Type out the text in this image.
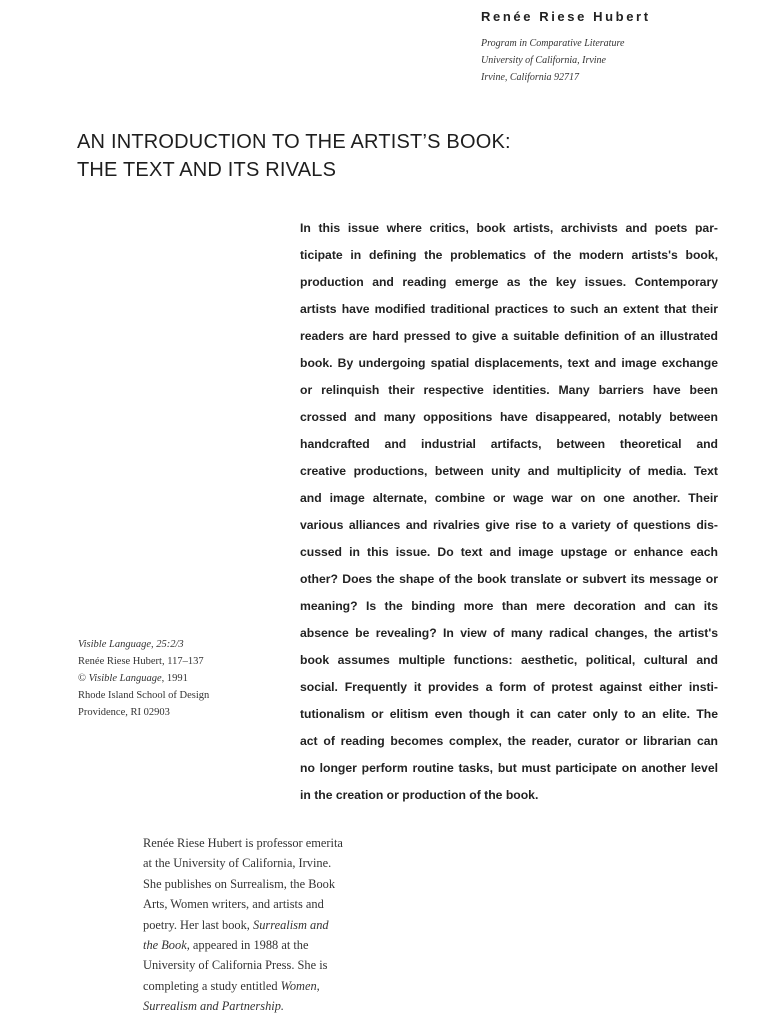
Renée Riese Hubert
Program in Comparative Literature
University of California, Irvine
Irvine, California 92717
AN INTRODUCTION TO THE ARTIST’S BOOK:
THE TEXT AND ITS RIVALS
In this issue where critics, book artists, archivists and poets par-
ticipate in defining the problematics of the modern artists's book,
production and reading emerge as the key issues. Contemporary
artists have modified traditional practices to such an extent that their
readers are hard pressed to give a suitable definition of an illustrated
book. By undergoing spatial displacements, text and image exchange
or relinquish their respective identities. Many barriers have been
crossed and many oppositions have disappeared, notably between
handcrafted and industrial artifacts, between theoretical and
creative productions, between unity and multiplicity of media. Text
and image alternate, combine or wage war on one another. Their
various alliances and rivalries give rise to a variety of questions dis-
cussed in this issue. Do text and image upstage or enhance each
other? Does the shape of the book translate or subvert its message or
meaning? Is the binding more than mere decoration and can its
absence be revealing? In view of many radical changes, the artist's
book assumes multiple functions: aesthetic, political, cultural and
social. Frequently it provides a form of protest against either insti-
tutionalism or elitism even though it can cater only to an elite. The
act of reading becomes complex, the reader, curator or librarian can
no longer perform routine tasks, but must participate on another level
in the creation or production of the book.
Visible Language, 25:2/3
Renée Riese Hubert, 117–137
© Visible Language, 1991
Rhode Island School of Design
Providence, RI 02903
Renée Riese Hubert is professor emerita
at the University of California, Irvine.
She publishes on Surrealism, the Book
Arts, Women writers, and artists and
poetry. Her last book, Surrealism and
the Book, appeared in 1988 at the
University of California Press. She is
completing a study entitled Women,
Surrealism and Partnership.
